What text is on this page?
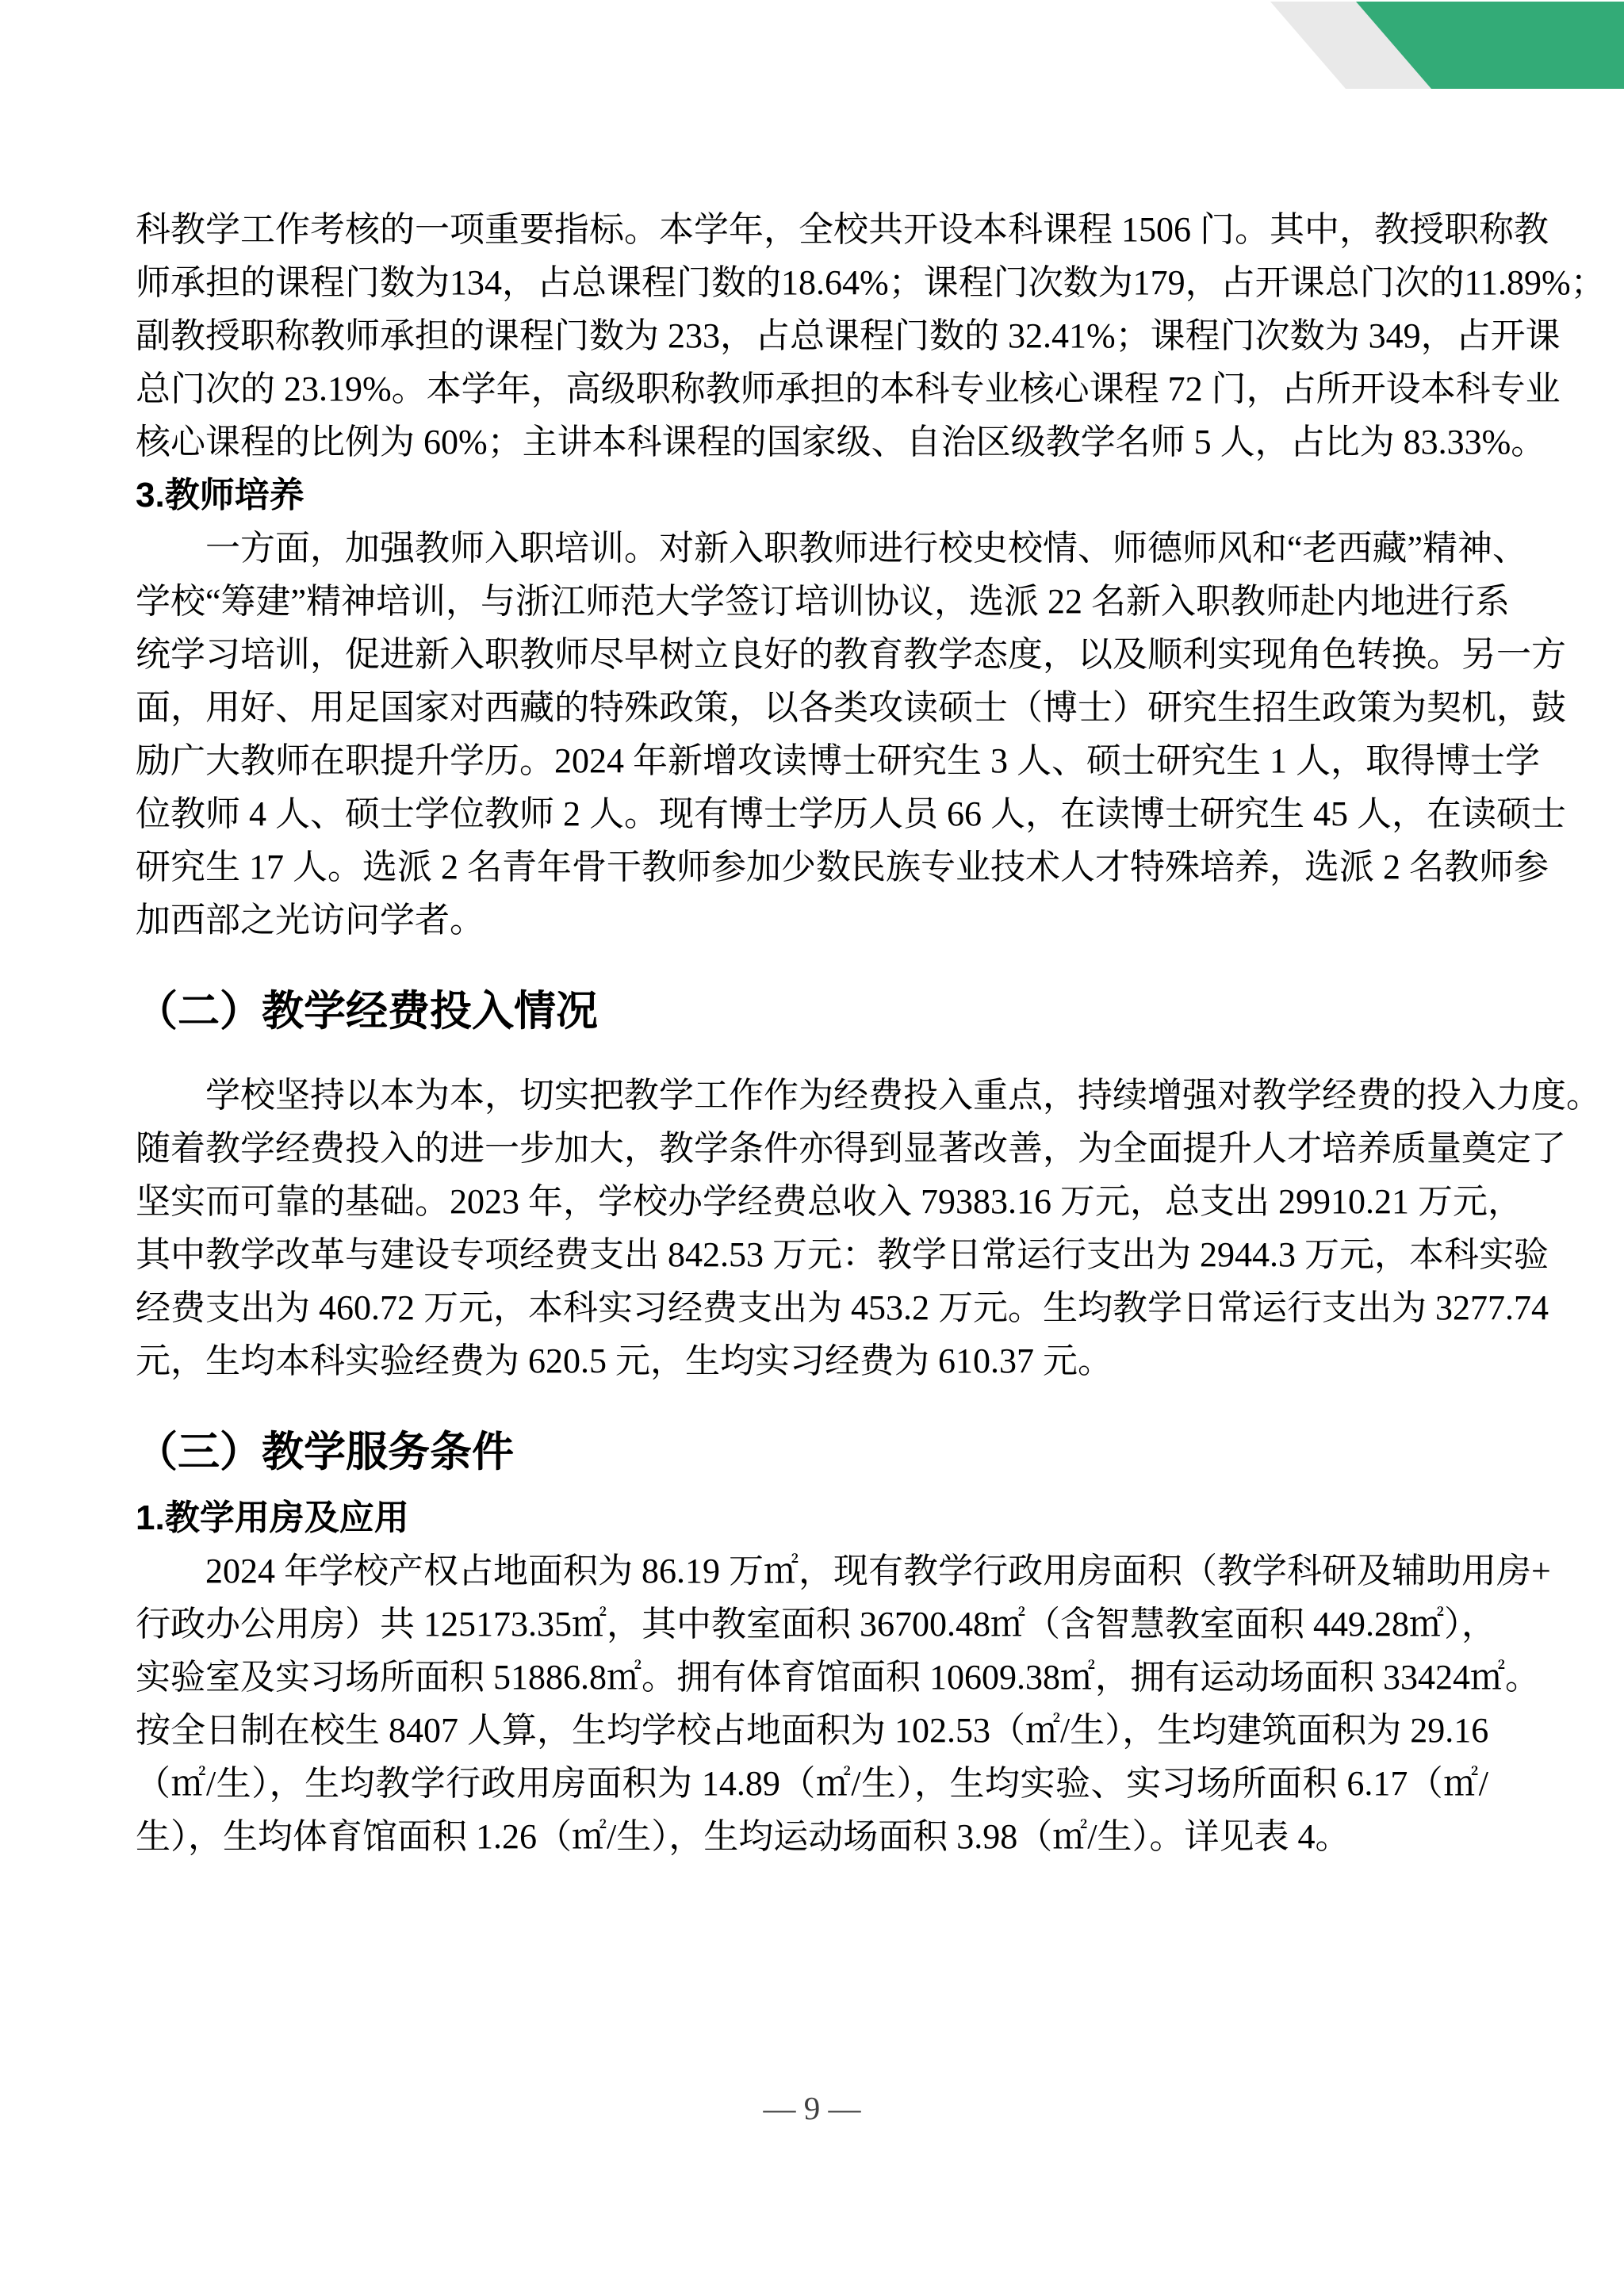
科教学工作考核的一项重要指标。本学年，全校共开设本科课程 1506 门。其中，教授职称教
师承担的课程门数为134，占总课程门数的18.64%；课程门次数为179，占开课总门次的11.89%；
副教授职称教师承担的课程门数为 233，占总课程门数的 32.41%；课程门次数为 349，占开课
总门次的 23.19%。本学年，高级职称教师承担的本科专业核心课程 72 门，占所开设本科专业
核心课程的比例为 60%；主讲本科课程的国家级、自治区级教学名师 5 人，占比为 83.33%。
3.教师培养
　　一方面，加强教师入职培训。对新入职教师进行校史校情、师德师风和“老西藏”精神、
学校“筹建”精神培训，与浙江师范大学签订培训协议，选派 22 名新入职教师赴内地进行系
统学习培训，促进新入职教师尽早树立良好的教育教学态度，以及顺利实现角色转换。另一方
面，用好、用足国家对西藏的特殊政策，以各类攻读硕士（博士）研究生招生政策为契机，鼓
励广大教师在职提升学历。2024 年新增攻读博士研究生 3 人、硕士研究生 1 人，取得博士学
位教师 4 人、硕士学位教师 2 人。现有博士学历人员 66 人，在读博士研究生 45 人，在读硕士
研究生 17 人。选派 2 名青年骨干教师参加少数民族专业技术人才特殊培养，选派 2 名教师参
加西部之光访问学者。
（二）教学经费投入情况
　　学校坚持以本为本，切实把教学工作作为经费投入重点，持续增强对教学经费的投入力度。
随着教学经费投入的进一步加大，教学条件亦得到显著改善，为全面提升人才培养质量奠定了
坚实而可靠的基础。2023 年，学校办学经费总收入 79383.16 万元，总支出 29910.21 万元，
其中教学改革与建设专项经费支出 842.53 万元：教学日常运行支出为 2944.3 万元，本科实验
经费支出为 460.72 万元，本科实习经费支出为 453.2 万元。生均教学日常运行支出为 3277.74
元，生均本科实验经费为 620.5 元，生均实习经费为 610.37 元。
（三）教学服务条件
1.教学用房及应用
　　2024 年学校产权占地面积为 86.19 万㎡，现有教学行政用房面积（教学科研及辅助用房+
行政办公用房）共 125173.35㎡，其中教室面积 36700.48㎡（含智慧教室面积 449.28㎡），
实验室及实习场所面积 51886.8㎡。拥有体育馆面积 10609.38㎡，拥有运动场面积 33424㎡。
按全日制在校生 8407 人算，生均学校占地面积为 102.53（㎡/生），生均建筑面积为 29.16
（㎡/生），生均教学行政用房面积为 14.89（㎡/生），生均实验、实习场所面积 6.17（㎡/
生），生均体育馆面积 1.26（㎡/生），生均运动场面积 3.98（㎡/生）。详见表 4。
— 9 —
